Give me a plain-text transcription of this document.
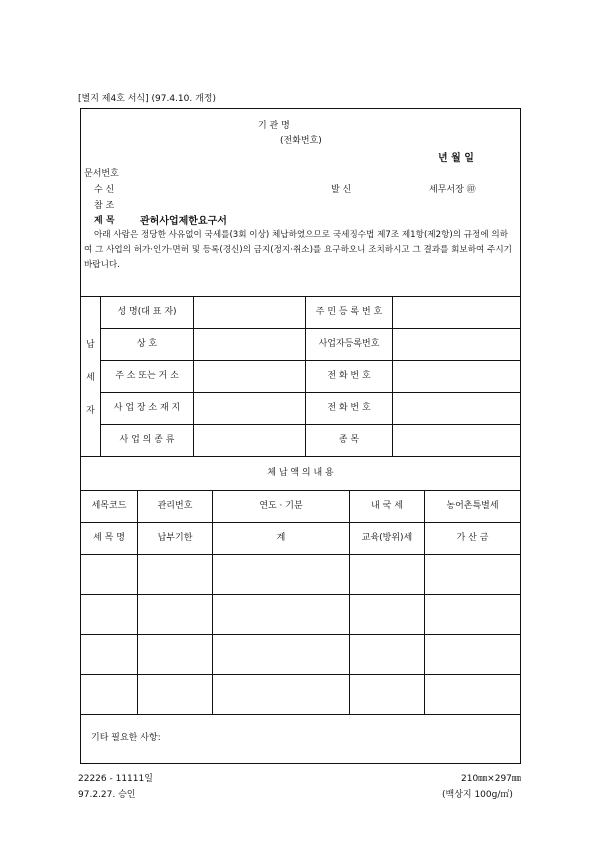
[별지 제4호 서식] (97.4.10. 개정)
기 관 명
(전화번호)
년 월 일
문서번호
수 신	발 신	세무서장 ㊞
참 조
제 목	관허사업제한요구서
아래 사람은 정당한 사유없이 국세를(3회 이상) 체납하였으므로 국세징수법 제7조 제1항(제2항)의 규정에 의하여 그 사업의 허가·인가·면허 및 등록(경신)의 금지(정지·취소)를 요구하오니 조치하시고 그 결과를 회보하여 주시기 바랍니다.
납
세
자
성 명(대 표 자)	주 민 등 록 번 호
상 호	사업자등록번호
주 소 또는 거 소	전 화 번 호
사 업 장 소 재 지	전 화 번 호
사 업 의 종 류	종 목
체 납 액 의 내 용
세목코드	관리번호	연도 · 기분	내 국 세	농어촌특별세
세 목 명	납부기한	계	교육(방위)세	가 산 금
기타 필요한 사항:
22226 - 11111일
97.2.27. 승인
210㎜×297㎜
(백상지 100g/㎡)
